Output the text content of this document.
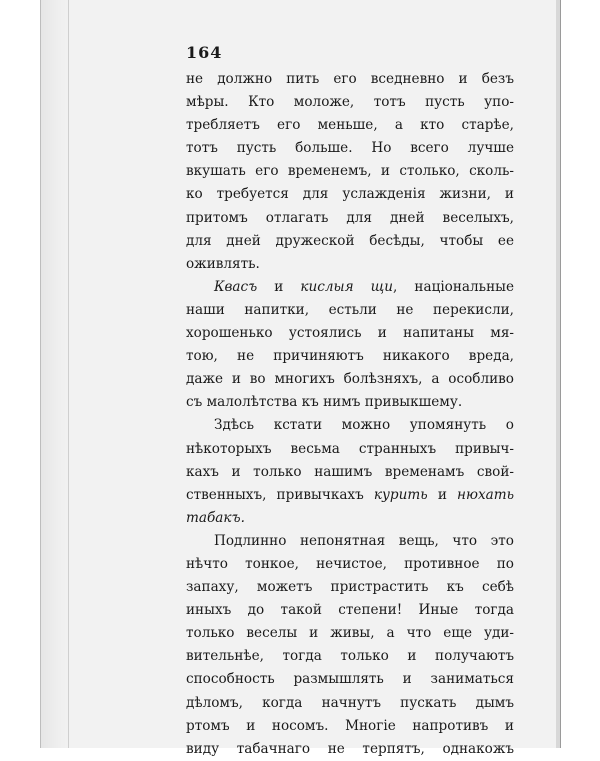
164
не должно пить его вседневно и безъ
мѣры. Кто моложе, тотъ пусть упо-
требляетъ его меньше, а кто старѣе,
тотъ пусть больше. Но всего лучше
вкушать его временемъ, и столько, сколь-
ко требуется для услажденія жизни, и
притомъ отлагать для дней веселыхъ,
для дней дружеской бесѣды, чтобы ее
оживлять.
Квасъ и кислыя щи, національные
наши напитки, естьли не перекисли,
хорошенько устоялись и напитаны мя-
тою, не причиняютъ никакого вреда,
даже и во многихъ болѣзняхъ, а особливо
съ малолѣтства къ нимъ привыкшему.
Здѣсь кстати можно упомянуть о
нѣкоторыхъ весьма странныхъ привыч-
кахъ и только нашимъ временамъ свой-
ственныхъ, привычкахъ курить и нюхать
табакъ.
Подлинно непонятная вещь, что это
нѣчто тонкое, нечистое, противное по
запаху, можетъ пристрастить къ себѣ
иныхъ до такой степени! Иные тогда
только веселы и живы, а что еще уди-
вительнѣе, тогда только и получаютъ
способность размышлять и заниматься
дѣломъ, когда начнутъ пускать дымъ
ртомъ и носомъ. Многіе напротивъ и
виду табачнаго не терпятъ, однакожъ
